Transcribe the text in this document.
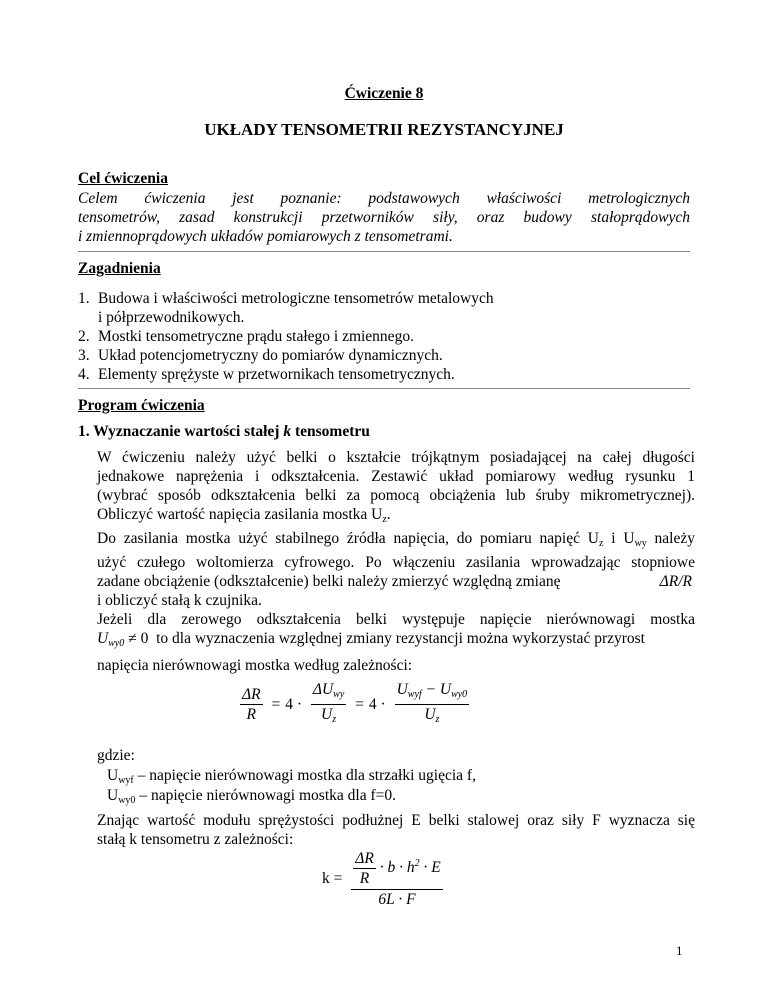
Ćwiczenie 8
UKŁADY TENSOMETRII REZYSTANCYJNEJ
Cel ćwiczenia
Celem ćwiczenia jest poznanie: podstawowych właściwości metrologicznych
tensometrów, zasad konstrukcji przetworników siły, oraz budowy stałoprądowych
i zmiennoprądowych układów pomiarowych z tensometrami.
Zagadnienia
1. Budowa i właściwości metrologiczne tensometrów metalowych
i półprzewodnikowych.
2. Mostki tensometryczne prądu stałego i zmiennego.
3. Układ potencjometryczny do pomiarów dynamicznych.
4. Elementy sprężyste w przetwornikach tensometrycznych.
Program ćwiczenia
1. Wyznaczanie wartości stałej k tensometru
W ćwiczeniu należy użyć belki o kształcie trójkątnym posiadającej na całej długości
jednakowe naprężenia i odkształcenia. Zestawić układ pomiarowy według rysunku 1
(wybrać sposób odkształcenia belki za pomocą obciążenia lub śruby mikrometrycznej).
Obliczyć wartość napięcia zasilania mostka $U_z$.
Do zasilania mostka użyć stabilnego źródła napięcia, do pomiaru napięć $U_z$ i $U_{wy}$ należy
użyć czułego woltomierza cyfrowego. Po włączeniu zasilania wprowadzając stopniowe
zadane obciążenie (odkształcenie) belki należy zmierzyć względną zmianę	ΔR/R
i obliczyć stałą k czujnika.
Jeżeli dla zerowego odkształcenia belki występuje napięcie nierównowagi mostka
$U_{wy0} \ne 0$ to dla wyznaczenia względnej zmiany rezystancji można wykorzystać przyrost
napięcia nierównowagi mostka według zależności:
$\frac{\Delta R}{R} = 4 \cdot \frac{\Delta U_{wy}}{U_z} = 4 \cdot \frac{U_{wyf} - U_{wy0}}{U_z}$
gdzie:
$U_{wyf}$ – napięcie nierównowagi mostka dla strzałki ugięcia f,
$U_{wy0}$ – napięcie nierównowagi mostka dla f=0.
Znając wartość modułu sprężystości podłużnej E belki stalowej oraz siły F wyznacza się
stałą k tensometru z zależności:
$k = \frac{\frac{\Delta R}{R} \cdot b \cdot h^2 \cdot E}{6L \cdot F}$
1
